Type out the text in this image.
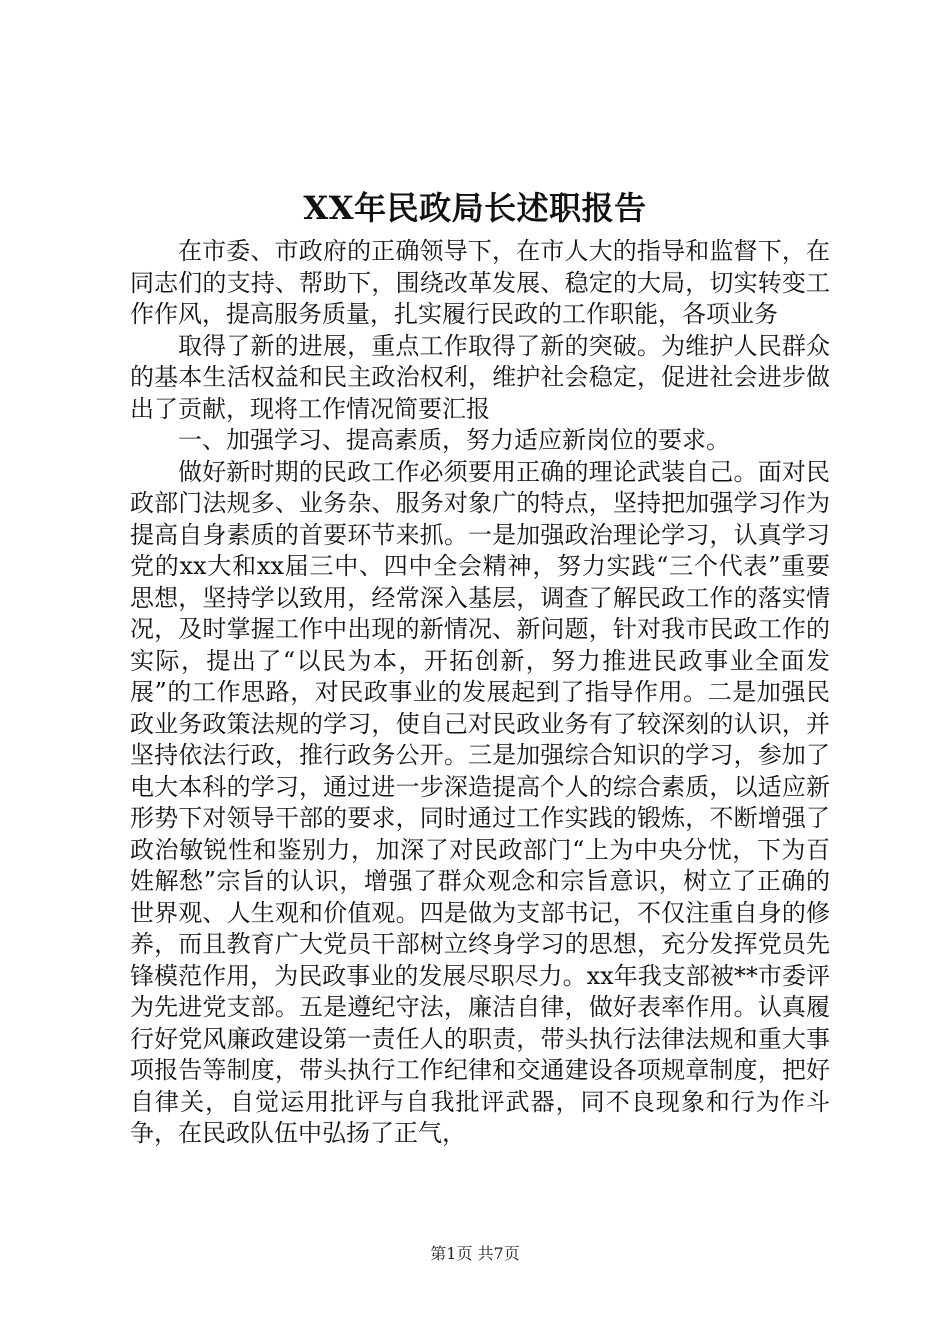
XX年民政局长述职报告

在市委、市政府的正确领导下，在市人大的指导和监督下，在同志们的支持、帮助下，围绕改革发展、稳定的大局，切实转变工作作风，提高服务质量，扎实履行民政的工作职能，各项业务

取得了新的进展，重点工作取得了新的突破。为维护人民群众的基本生活权益和民主政治权利，维护社会稳定，促进社会进步做出了贡献，现将工作情况简要汇报

一、加强学习、提高素质，努力适应新岗位的要求。

做好新时期的民政工作必须要用正确的理论武装自己。面对民政部门法规多、业务杂、服务对象广的特点，坚持把加强学习作为提高自身素质的首要环节来抓。一是加强政治理论学习，认真学习党的xx大和xx届三中、四中全会精神，努力实践“三个代表”重要思想，坚持学以致用，经常深入基层，调查了解民政工作的落实情况，及时掌握工作中出现的新情况、新问题，针对我市民政工作的实际，提出了“以民为本，开拓创新，努力推进民政事业全面发展”的工作思路，对民政事业的发展起到了指导作用。二是加强民政业务政策法规的学习，使自己对民政业务有了较深刻的认识，并坚持依法行政，推行政务公开。三是加强综合知识的学习，参加了电大本科的学习，通过进一步深造提高个人的综合素质，以适应新形势下对领导干部的要求，同时通过工作实践的锻炼，不断增强了政治敏锐性和鉴别力，加深了对民政部门“上为中央分忧，下为百姓解愁”宗旨的认识，增强了群众观念和宗旨意识，树立了正确的世界观、人生观和价值观。四是做为支部书记，不仅注重自身的修养，而且教育广大党员干部树立终身学习的思想，充分发挥党员先锋模范作用，为民政事业的发展尽职尽力。xx年我支部被**市委评为先进党支部。五是遵纪守法，廉洁自律，做好表率作用。认真履行好党风廉政建设第一责任人的职责，带头执行法律法规和重大事项报告等制度，带头执行工作纪律和交通建设各项规章制度，把好自律关，自觉运用批评与自我批评武器，同不良现象和行为作斗争，在民政队伍中弘扬了正气，

第1页 共7页
